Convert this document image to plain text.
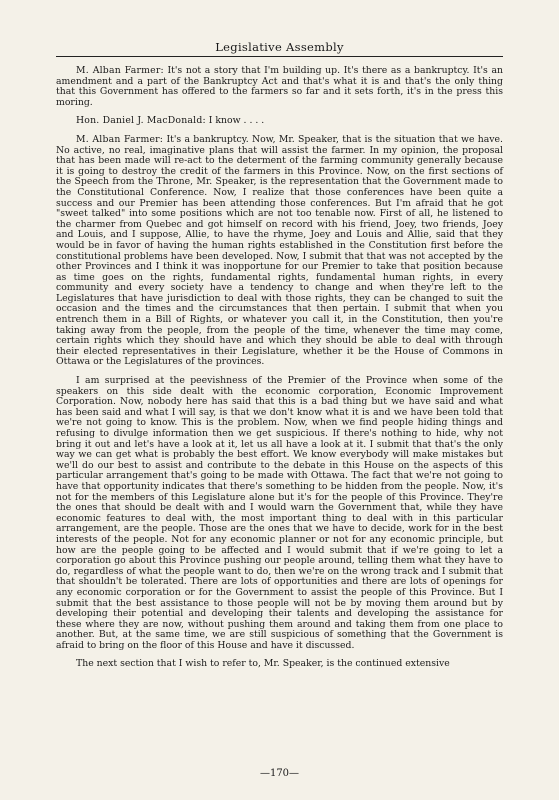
Legislative Assembly

M. Alban Farmer: It's not a story that I'm building up. It's there as a bankruptcy. It's an amendment and a part of the Bankruptcy Act and that's what it is and that's the only thing that this Government has offered to the farmers so far and it sets forth, it's in the press this moring.

Hon. Daniel J. MacDonald: I know . . . .

M. Alban Farmer: It's a bankruptcy. Now, Mr. Speaker, that is the situation that we have. No active, no real, imaginative plans that will assist the farmer. In my opinion, the proposal that has been made will re-act to the determent of the farming community generally because it is going to destroy the credit of the farmers in this Province. Now, on the first sections of the Speech from the Throne, Mr. Speaker, is the representation that the Government made to the Constitutional Conference. Now, I realize that those conferences have been quite a success and our Premier has been attending those conferences. But I'm afraid that he got "sweet talked" into some positions which are not too tenable now. First of all, he listened to the charmer from Quebec and got himself on record with his friend, Joey, two friends, Joey and Louis, and I suppose, Allie, to have the rhyme, Joey and Louis and Allie, said that they would be in favor of having the human rights established in the Constitution first before the constitutional problems have been developed. Now, I submit that that was not accepted by the other Provinces and I think it was inopportune for our Premier to take that position because as time goes on the rights, fundamental rights, fundamental human rights, in every community and every society have a tendency to change and when they're left to the Legislatures that have jurisdiction to deal with those rights, they can be changed to suit the occasion and the times and the circumstances that then pertain. I submit that when you entrench them in a Bill of Rights, or whatever you call it, in the Constitution, then you're taking away from the people, from the people of the time, whenever the time may come, certain rights which they should have and which they should be able to deal with through their elected representatives in their Legislature, whether it be the House of Commons in Ottawa or the Legislatures of the provinces.

I am surprised at the peevishness of the Premier of the Province when some of the speakers on this side dealt with the economic corporation, Economic Improvement Corporation. Now, nobody here has said that this is a bad thing but we have said and what has been said and what I will say, is that we don't know what it is and we have been told that we're not going to know. This is the problem. Now, when we find people hiding things and refusing to divulge information then we get suspicious. If there's nothing to hide, why not bring it out and let's have a look at it, let us all have a look at it. I submit that that's the only way we can get what is probably the best effort. We know everybody will make mistakes but we'll do our best to assist and contribute to the debate in this House on the aspects of this particular arrangement that's going to be made with Ottawa. The fact that we're not going to have that opportunity indicates that there's something to be hidden from the people. Now, it's not for the members of this Legislature alone but it's for the people of this Province. They're the ones that should be dealt with and I would warn the Government that, while they have economic features to deal with, the most important thing to deal with in this particular arrangement, are the people. Those are the ones that we have to decide, work for in the best interests of the people. Not for any economic planner or not for any economic principle, but how are the people going to be affected and I would submit that if we're going to let a corporation go about this Province pushing our people around, telling them what they have to do, regardless of what the people want to do, then we're on the wrong track and I submit that that shouldn't be tolerated. There are lots of opportunities and there are lots of openings for any economic corporation or for the Government to assist the people of this Province. But I submit that the best assistance to those people will not be by moving them around but by developing their potential and developing their talents and developing the assistance for these where they are now, without pushing them around and taking them from one place to another. But, at the same time, we are still suspicious of something that the Government is afraid to bring on the floor of this House and have it discussed.

The next section that I wish to refer to, Mr. Speaker, is the continued extensive

—170—
